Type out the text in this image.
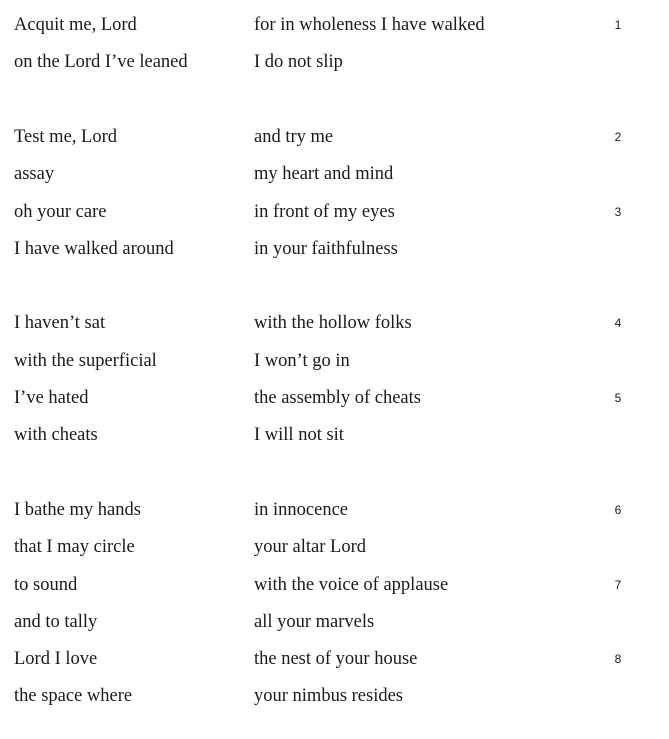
Acquit me, Lord	for in wholeness I have walked	1
on the Lord I’ve leaned	I do not slip
Test me, Lord	and try me	2
assay	my heart and mind
oh your care	in front of my eyes	3
I have walked around	in your faithfulness
I haven’t sat	with the hollow folks	4
with the superficial	I won’t go in
I’ve hated	the assembly of cheats	5
with cheats	I will not sit
I bathe my hands	in innocence	6
that I may circle	your altar Lord
to sound	with the voice of applause	7
and to tally	all your marvels
Lord I love	the nest of your house	8
the space where	your nimbus resides
